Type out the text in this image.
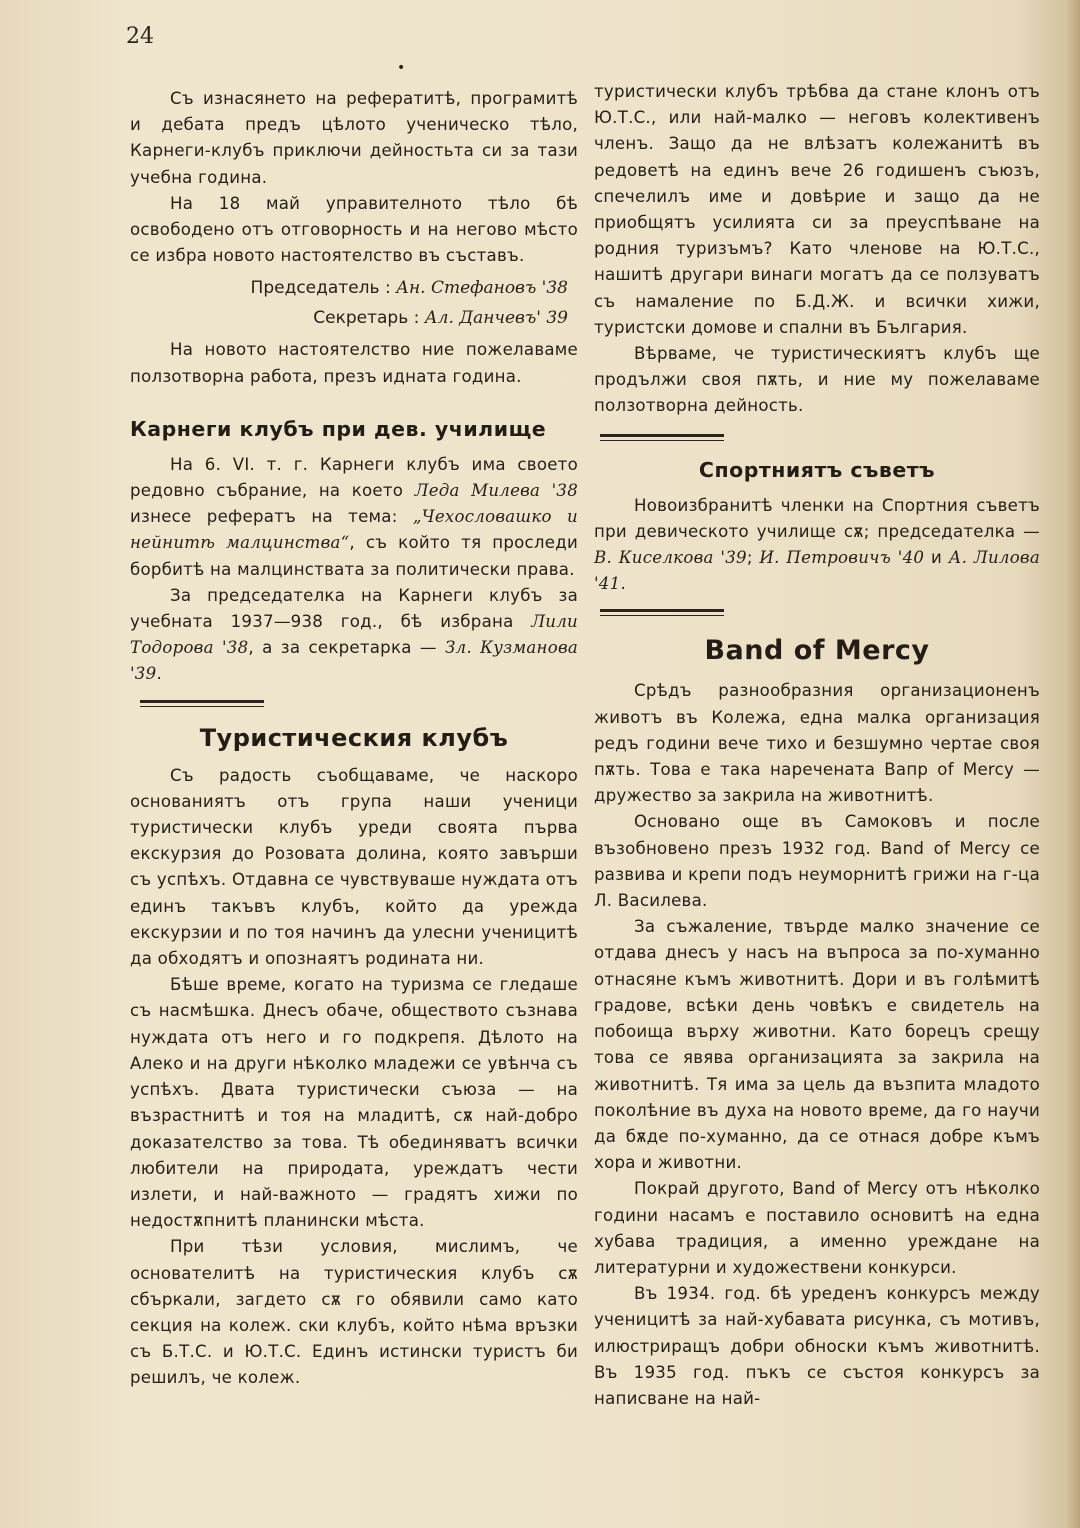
24
•

Съ изнасянето на рефератитѣ, програмитѣ и дебата предъ цѣлото ученическо тѣло, Карнеги-клубъ приключи дейностьта си за тази учебна година.

На 18 май управителното тѣло бѣ освободено отъ отговорность и на негово мѣсто се избра новото настоятелство въ съставъ.

Председатель : Ан. Стефановъ '38
Секретарь : Ал. Данчевъ' 39

На новото настоятелство ние пожелаваме ползотворна работа, презъ идната година.

Карнеги клубъ при дев. училище

На 6. VI. т. г. Карнеги клубъ има своето редовно събрание, на което Леда Милева '38 изнесе рефератъ на тема: „Чехословашко и нейнитѣ малцинства“, съ който тя проследи борбитѣ на малцинствата за политически права.

За председателка на Карнеги клубъ за учебната 1937—938 год., бѣ избрана Лили Тодорова '38, а за секретарка — Зл. Кузманова '39.

Туристическия клубъ

Съ радость съобщаваме, че наскоро основаниятъ отъ група наши ученици туристически клубъ уреди своята първа екскурзия до Розовата долина, която завърши съ успѣхъ. Отдавна се чувствуваше нуждата отъ единъ такъвъ клубъ, който да урежда екскурзии и по тоя начинъ да улесни ученицитѣ да обходятъ и опознаятъ родината ни.

Бѣше време, когато на туризма се гледаше съ насмѣшка. Днесъ обаче, обществото съзнава нуждата отъ него и го подкрепя. Дѣлото на Алеко и на други нѣколко младежи се увѣнча съ успѣхъ. Двата туристически съюза — на възрастнитѣ и тоя на младитѣ, сѫ най-добро доказателство за това. Тѣ обединяватъ всички любители на природата, уреждатъ чести излети, и най-важното — градятъ хижи по недостѫпнитѣ планински мѣста.

При тѣзи условия, мислимъ, че основателитѣ на туристическия клубъ сѫ сбъркали, загдето сѫ го обявили само като секция на колеж. ски клубъ, който нѣма връзки съ Б.Т.С. и Ю.Т.С. Единъ истински туристъ би решилъ, че колеж.

туристически клубъ трѣбва да стане клонъ отъ Ю.Т.С., или най-малко — неговъ колективенъ членъ. Защо да не влѣзатъ колежанитѣ въ редоветѣ на единъ вече 26 годишенъ съюзъ, спечелилъ име и довѣрие и защо да не приобщятъ усилията си за преуспѣване на родния туризъмъ? Като членове на Ю.Т.С., нашитѣ другари винаги могатъ да се ползуватъ съ намаление по Б.Д.Ж. и всички хижи, туристски домове и спални въ България.

Вѣрваме, че туристическиятъ клубъ ще продължи своя пѫть, и ние му пожелаваме ползотворна дейность.

Спортниятъ съветъ

Новоизбранитѣ членки на Спортния съветъ при девическото училище сѫ; председателка — В. Киселкова '39; И. Петровичъ '40 и А. Лилова '41.

Band of Mercy

Срѣдъ разнообразния организационенъ животъ въ Колежа, една малка организация редъ години вече тихо и безшумно чертае своя пѫть. Това е така наречената Bапр of Mercy — дружество за закрила на животнитѣ.

Основано още въ Самоковъ и после възобновено презъ 1932 год. Band of Mercy се развива и крепи подъ неуморнитѣ грижи на г-ца Л. Василева.

За съжаление, твърде малко значение се отдава днесъ у насъ на въпроса за по-хуманно отнасяне къмъ животнитѣ. Дори и въ голѣмитѣ градове, всѣки день човѣкъ е свидетель на побоища върху животни. Като борецъ срещу това се явява организацията за закрила на животнитѣ. Тя има за цель да възпита младото поколѣние въ духа на новото време, да го научи да бѫде по-хуманно, да се отнася добре къмъ хора и животни.

Покрай другото, Band of Mercy отъ нѣколко години насамъ е поставило основитѣ на една хубава традиция, а именно уреждане на литературни и художествени конкурси.

Въ 1934. год. бѣ уреденъ конкурсъ между ученицитѣ за най-хубавата рисунка, съ мотивъ, илюстриращъ добри обноски къмъ животнитѣ. Въ 1935 год. пъкъ се състоя конкурсъ за написване на най-
